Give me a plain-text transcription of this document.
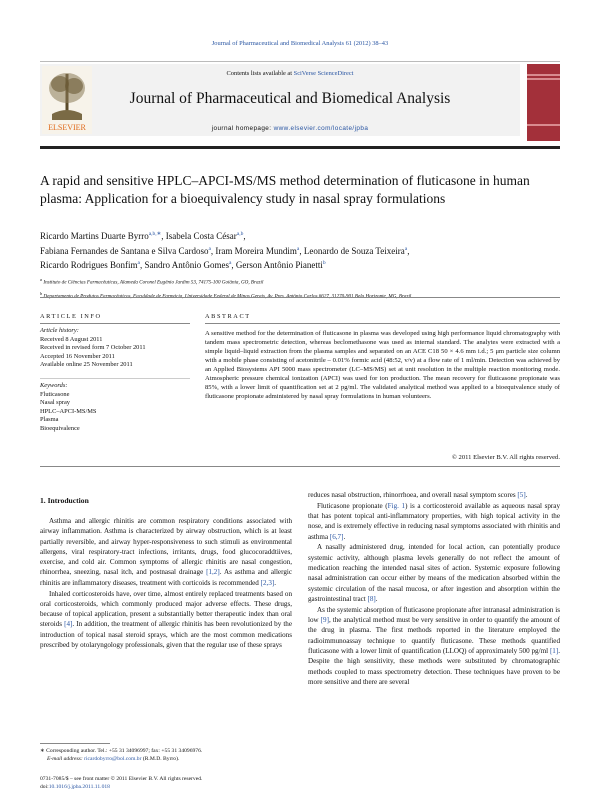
Journal of Pharmaceutical and Biomedical Analysis 61 (2012) 38–43
ELSEVIER
Contents lists available at SciVerse ScienceDirect
Journal of Pharmaceutical and Biomedical Analysis
journal homepage: www.elsevier.com/locate/jpba
A rapid and sensitive HPLC–APCI-MS/MS method determination of fluticasone in human plasma: Application for a bioequivalency study in nasal spray formulations
Ricardo Martins Duarte Byrro$^{a,b,∗}$, Isabela Costa César$^{a,b}$,
Fabiana Fernandes de Santana e Silva Cardoso$^a$, Iram Moreira Mundim$^a$, Leonardo de Souza Teixeira$^a$,
Ricardo Rodrigues Bonfim$^a$, Sandro Antônio Gomes$^a$, Gerson Antônio Pianetti$^b$
$^a$ Instituto de Ciências Farmacêuticas, Alameda Coronel Eugênio Jardim 53, 74175-100 Goiânia, GO, Brazil
$^b$
ARTICLE INFO	ABSTRACT
Article history:
Received 8 August 2011
Received in revised form 7 October 2011
Accepted 16 November 2011
Available online 25 November 2011
Keywords:
Fluticasone
Nasal spray
HPLC–APCI-MS/MS
Plasma
Bioequivalence
A sensitive method for the determination of fluticasone in plasma was developed using high performance liquid chromatography with tandem mass spectrometric detection, whereas beclomethasone was used as internal standard. The analytes were extracted with a simple liquid–liquid extraction from the plasma samples and separated on an ACE C18 50 × 4.6 mm i.d.; 5 μm particle size column with a mobile phase consisting of acetonitrile – 0.01% formic acid (48:52, v/v) at a flow rate of 1 ml/min. Detection was achieved by an Applied Biosystems API 5000 mass spectrometer (LC–MS/MS) set at unit resolution in the multiple reaction monitoring mode. Atmospheric pressure chemical ionization (APCI) was used for ion production. The mean recovery for fluticasone propionate was 85%, with a lower limit of quantification set at 2 pg/ml. The validated analytical method was applied to a bioequivalence study of fluticasone propionate administered by nasal spray formulations in human volunteers.
© 2011 Elsevier B.V. All rights reserved.
1. Introduction

Asthma and allergic rhinitis are common respiratory conditions associated with airway inflammation. Asthma is characterized by airway obstruction, which is at least partially reversible, and airway hyper-responsiveness to such stimuli as environmental allergens, viral respiratory-tract infections, irritants, drugs, food glucocoraddtiives, exercise, and cold air. Common symptoms of allergic rhinitis are nasal congestion, rhinorrhea, sneezing, nasal itch, and postnasal drainage [1,2]. As asthma and allergic rhinitis are inflammatory diseases, treatment with corticoids is recommended [2,3].

Inhaled corticosteroids have, over time, almost entirely replaced treatments based on oral corticosteroids, which commonly produced major adverse effects. These drugs, because of topical application, present a substantially better therapeutic index than oral steroids [4]. In addition, the treatment of allergic rhinitis has been revolutionized by the introduction of topical nasal steroid sprays, which are the most common medications prescribed by otolaryngology professionals, given that the regular use of these sprays

reduces nasal obstruction, rhinorrhoea, and overall nasal symptom scores [5].

Fluticasone propionate (Fig. 1) is a corticosteroid available as aqueous nasal spray that has potent topical anti-inflammatory properties, with high topical activity in the nose, and is extremely effective in reducing nasal symptoms associated with rhinitis and asthma [6,7].

A nasally administered drug, intended for local action, can potentially produce systemic activity, although plasma levels generally do not reflect the amount of medication reaching the intended nasal sites of action. Systemic exposure following nasal administration can occur either by means of the medication absorbed within the systemic circulation of the nasal mucosa, or after ingestion and absorption within the gastrointestinal tract [8].

As the systemic absorption of fluticasone propionate after intranasal administration is low [9], the analytical method must be very sensitive in order to quantify the amount of the drug in plasma. The first methods reported in the literature employed the radioimmunoassay technique to quantify fluticasone. These methods quantified fluticasone with a lower limit of quantification (LLOQ) of approximately 500 pg/ml [1]. Despite the high sensitivity, these methods were substituted by chromatographic methods coupled to mass spectrometry detection. These techniques have proven to be more sensitive and there are several

∗ Corresponding author. Tel.: +55 31 34096997; fax: +55 31 34096976.
E-mail address: ricardobyrro@bol.com.br (R.M.D. Byrro).
0731-7085/$ – see front matter © 2011 Elsevier B.V. All rights reserved.
doi:10.1016/j.jpba.2011.11.018
